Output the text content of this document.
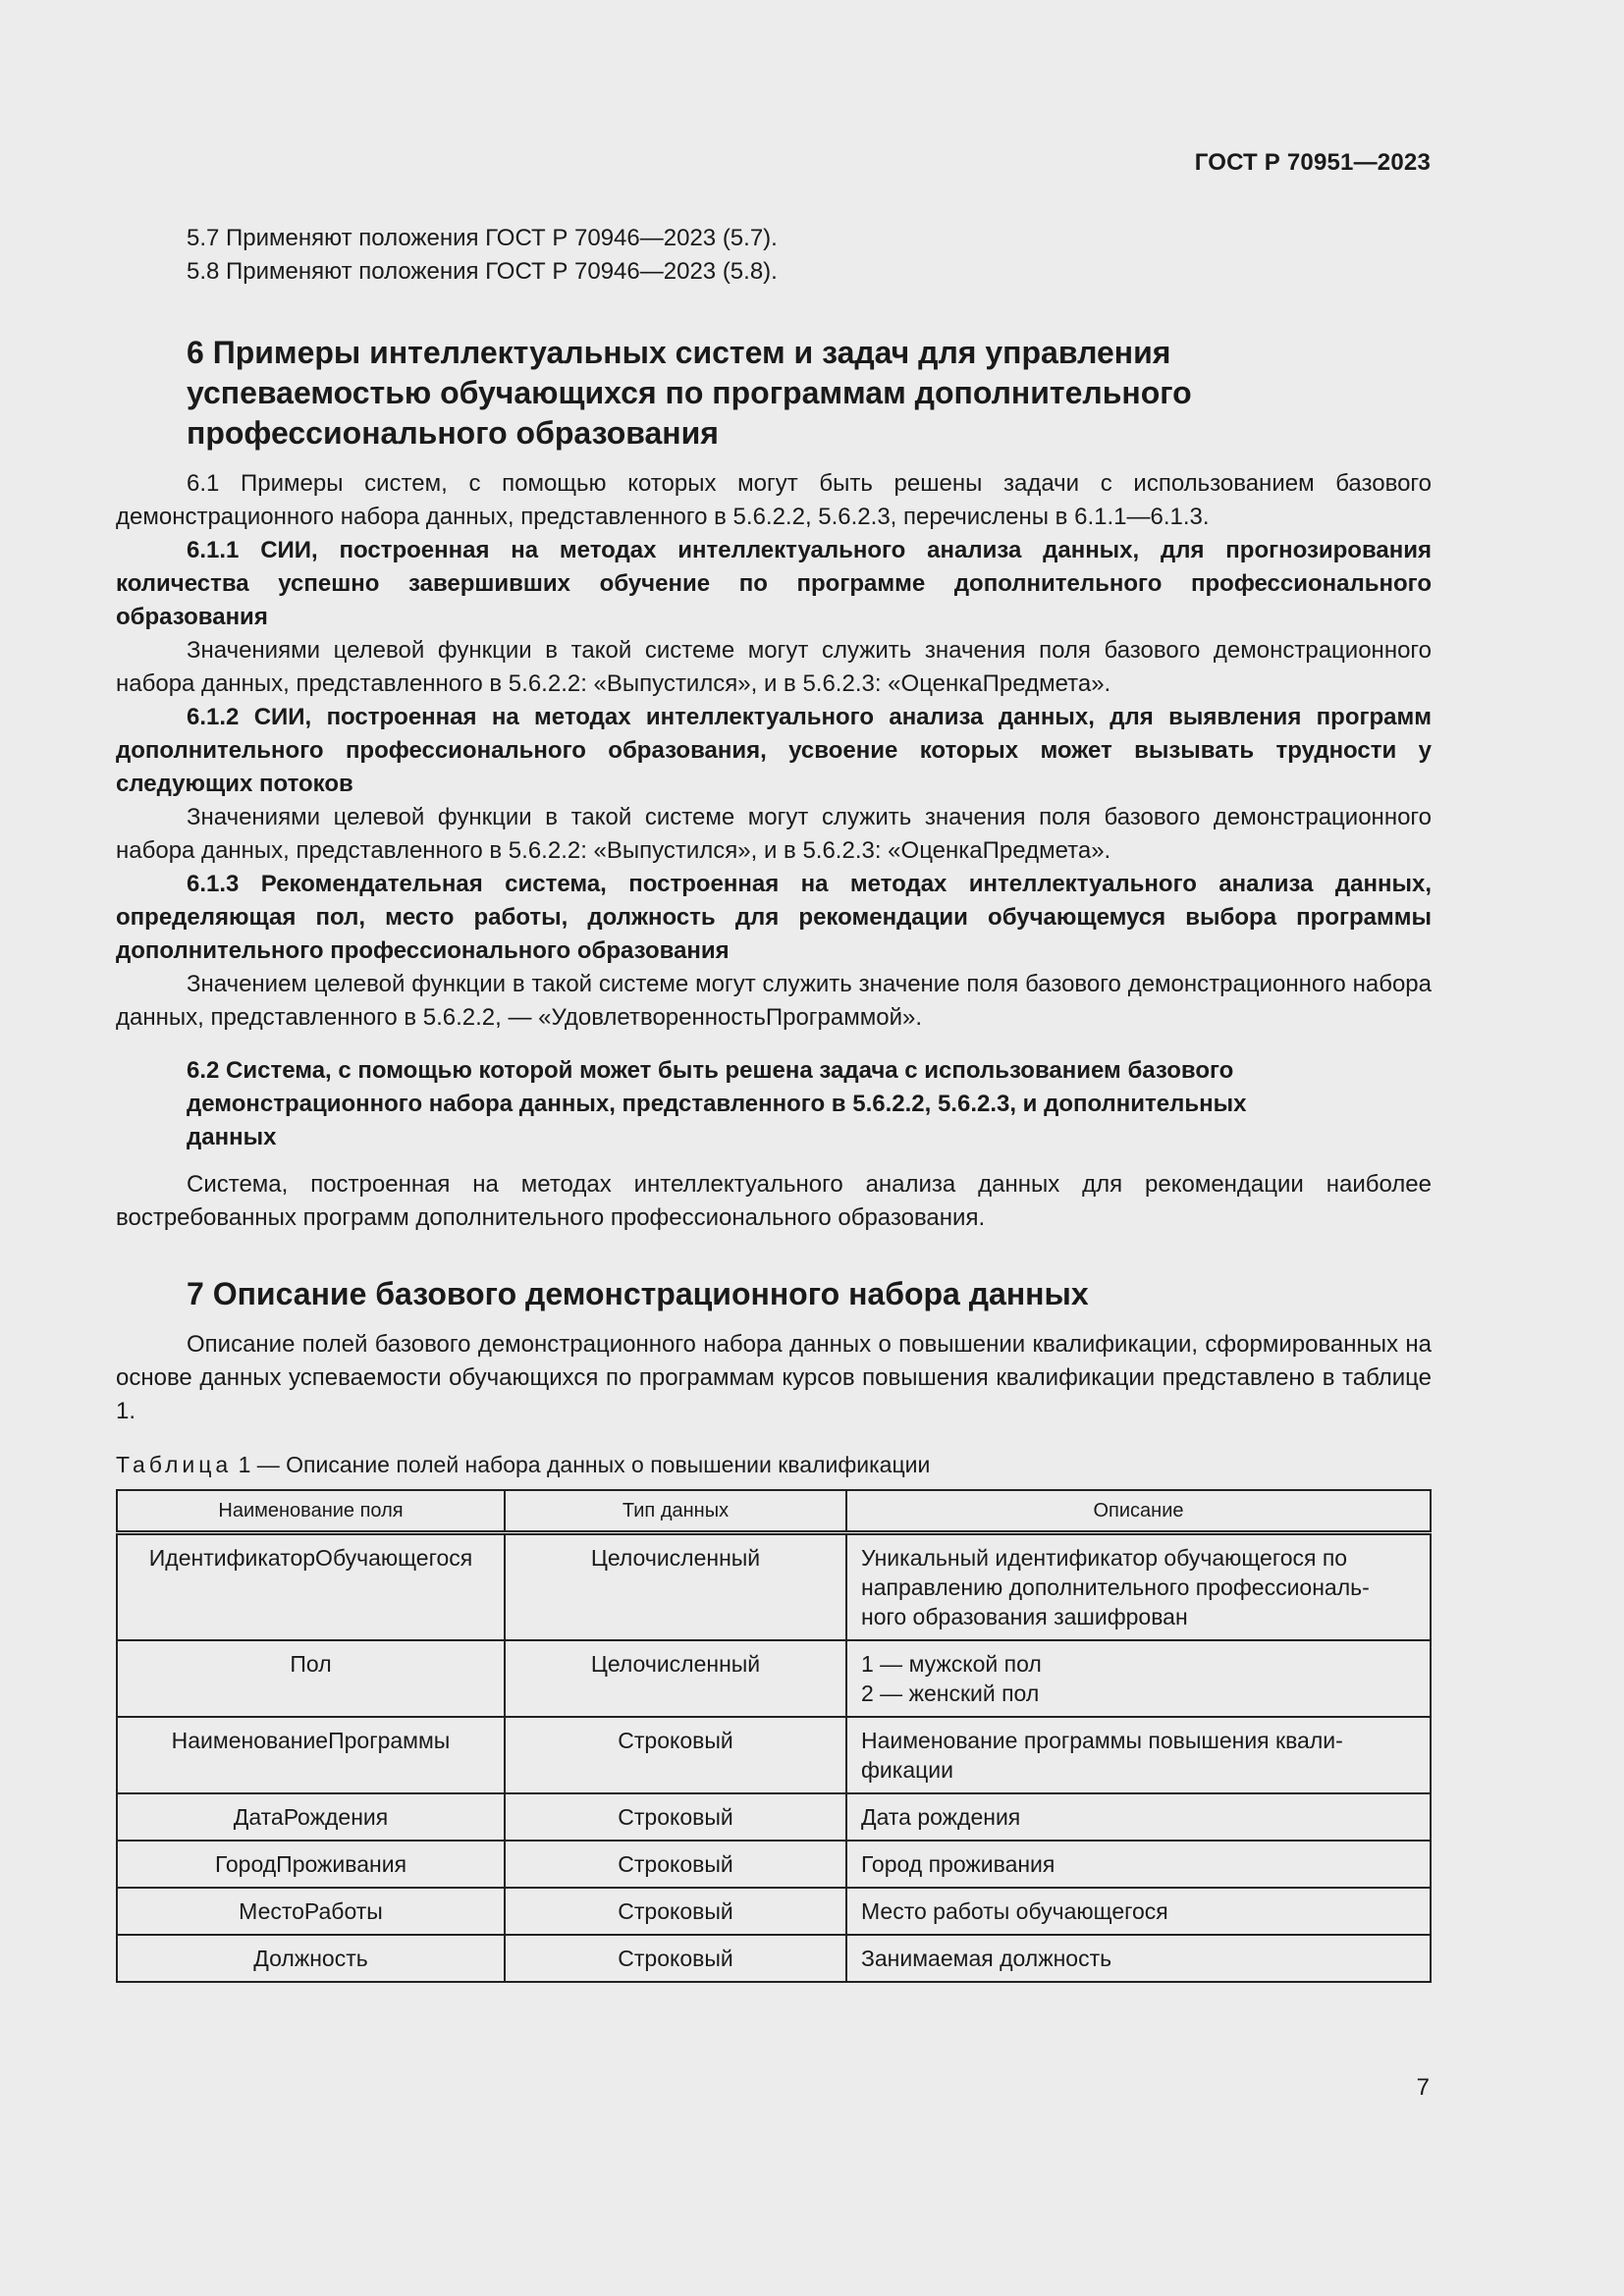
ГОСТ Р 70951—2023
5.7 Применяют положения ГОСТ Р 70946—2023 (5.7).
5.8 Применяют положения ГОСТ Р 70946—2023 (5.8).
6 Примеры интеллектуальных систем и задач для управления
успеваемостью обучающихся по программам дополнительного
профессионального образования

6.1 Примеры систем, с помощью которых могут быть решены задачи с использованием базового демонстрационного набора данных, представленного в 5.6.2.2, 5.6.2.3, перечислены в 6.1.1—6.1.3.

6.1.1 СИИ, построенная на методах интеллектуального анализа данных, для прогнозирования количества успешно завершивших обучение по программе дополнительного профессионального образования

Значениями целевой функции в такой системе могут служить значения поля базового демонстрационного набора данных, представленного в 5.6.2.2: «Выпустился», и в 5.6.2.3: «ОценкаПредмета».

6.1.2 СИИ, построенная на методах интеллектуального анализа данных, для выявления программ дополнительного профессионального образования, усвоение которых может вызывать трудности у следующих потоков

Значениями целевой функции в такой системе могут служить значения поля базового демонстрационного набора данных, представленного в 5.6.2.2: «Выпустился», и в 5.6.2.3: «ОценкаПредмета».

6.1.3 Рекомендательная система, построенная на методах интеллектуального анализа данных, определяющая пол, место работы, должность для рекомендации обучающемуся выбора программы дополнительного профессионального образования

Значением целевой функции в такой системе могут служить значение поля базового демонстрационного набора данных, представленного в 5.6.2.2, — «УдовлетворенностьПрограммой».

6.2 Система, с помощью которой может быть решена задача с использованием базового
демонстрационного набора данных, представленного в 5.6.2.2, 5.6.2.3, и дополнительных
данных

Система, построенная на методах интеллектуального анализа данных для рекомендации наиболее востребованных программ дополнительного профессионального образования.

7 Описание базового демонстрационного набора данных

Описание полей базового демонстрационного набора данных о повышении квалификации, сформированных на основе данных успеваемости обучающихся по программам курсов повышения квалификации представлено в таблице 1.

Таблица 1 — Описание полей набора данных о повышении квалификации

Наименование поля	Тип данных	Описание
ИдентификаторОбучающегося	Целочисленный	Уникальный идентификатор обучающегося по
направлению дополнительного профессиональ-
ного образования зашифрован

Пол	Целочисленный	1 — мужской пол
2 — женский пол

НаименованиеПрограммы	Строковый	Наименование программы повышения квали-
фикации

ДатаРождения	Строковый	Дата рождения
ГородПроживания	Строковый	Город проживания
МестоРаботы	Строковый	Место работы обучающегося
Должность	Строковый	Занимаемая должность
7
